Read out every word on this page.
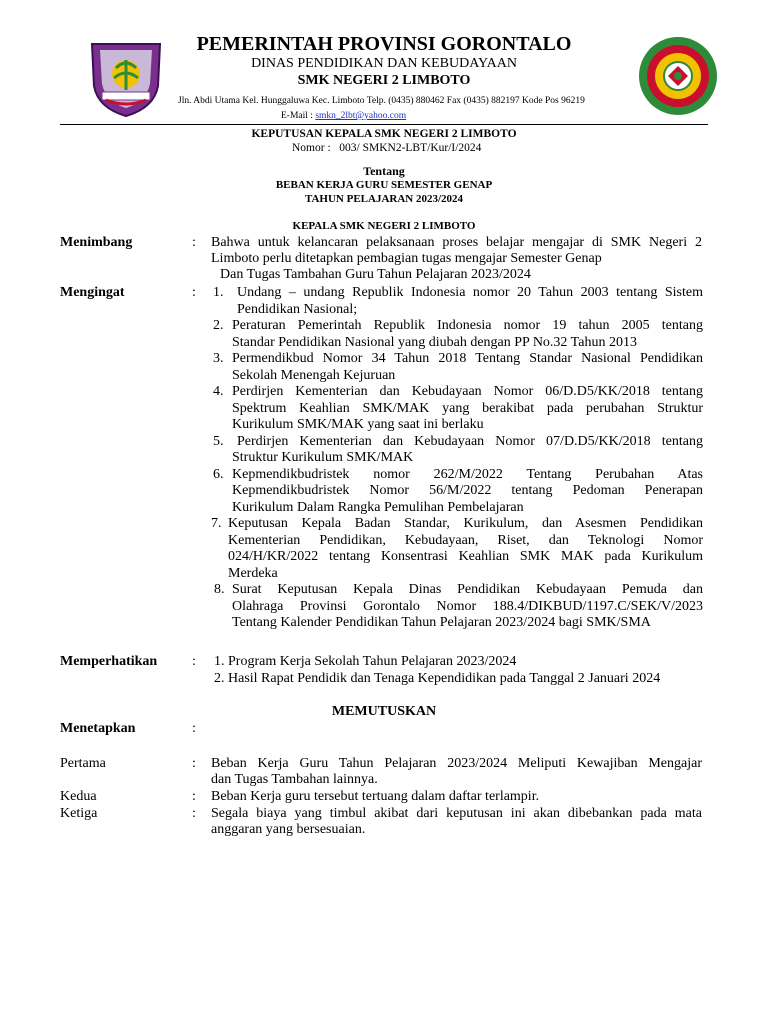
PEMERINTAH PROVINSI GORONTALO
DINAS PENDIDIKAN DAN KEBUDAYAAN
SMK NEGERI 2 LIMBOTO
Jln. Abdi Utama Kel. Hunggaluwa Kec. Limboto Telp. (0435) 880462 Fax (0435) 882197 Kode Pos 96219
E-Mail : smkn_2lbt@yahoo.com
KEPUTUSAN KEPALA SMK NEGERI 2 LIMBOTO
Nomor : 003/ SMKN2-LBT/Kur/I/2024
Tentang
BEBAN KERJA GURU SEMESTER GENAP
TAHUN PELAJARAN 2023/2024
KEPALA SMK NEGERI 2 LIMBOTO
Menimbang	: Bahwa untuk kelancaran pelaksanaan proses belajar mengajar di SMK Negeri 2
Limboto perlu ditetapkan pembagian tugas mengajar Semester Genap
Dan Tugas Tambahan Guru Tahun Pelajaran 2023/2024
Mengingat	: 1. Undang – undang Republik Indonesia nomor 20 Tahun 2003 tentang Sistem
Pendidikan Nasional;
2. Peraturan Pemerintah Republik Indonesia nomor 19 tahun 2005 tentang
Standar Pendidikan Nasional yang diubah dengan PP No.32 Tahun 2013
3. Permendikbud Nomor 34 Tahun 2018 Tentang Standar Nasional Pendidikan
Sekolah Menengah Kejuruan
4. Perdirjen Kementerian dan Kebudayaan Nomor 06/D.D5/KK/2018 tentang
Spektrum Keahlian SMK/MAK yang berakibat pada perubahan Struktur
Kurikulum SMK/MAK yang saat ini berlaku
5. Perdirjen Kementerian dan Kebudayaan Nomor 07/D.D5/KK/2018 tentang
Struktur Kurikulum SMK/MAK
6. Kepmendikbudristek nomor 262/M/2022 Tentang Perubahan Atas
Kepmendikbudristek Nomor 56/M/2022 tentang Pedoman Penerapan
Kurikulum Dalam Rangka Pemulihan Pembelajaran
7. Keputusan Kepala Badan Standar, Kurikulum, dan Asesmen Pendidikan
Kementerian Pendidikan, Kebudayaan, Riset, dan Teknologi Nomor
024/H/KR/2022 tentang Konsentrasi Keahlian SMK MAK pada Kurikulum
Merdeka
8. Surat Keputusan Kepala Dinas Pendidikan Kebudayaan Pemuda dan
Olahraga Provinsi Gorontalo Nomor 188.4/DIKBUD/1197.C/SEK/V/2023
Tentang Kalender Pendidikan Tahun Pelajaran 2023/2024 bagi SMK/SMA
Memperhatikan : 1. Program Kerja Sekolah Tahun Pelajaran 2023/2024
2. Hasil Rapat Pendidik dan Tenaga Kependidikan pada Tanggal 2 Januari 2024
MEMUTUSKAN
Menetapkan	:
Pertama	: Beban Kerja Guru Tahun Pelajaran 2023/2024 Meliputi Kewajiban Mengajar
dan Tugas Tambahan lainnya.
Kedua	: Beban Kerja guru tersebut tertuang dalam daftar terlampir.
Ketiga	: Segala biaya yang timbul akibat dari keputusan ini akan dibebankan pada mata
anggaran yang bersesuaian.
